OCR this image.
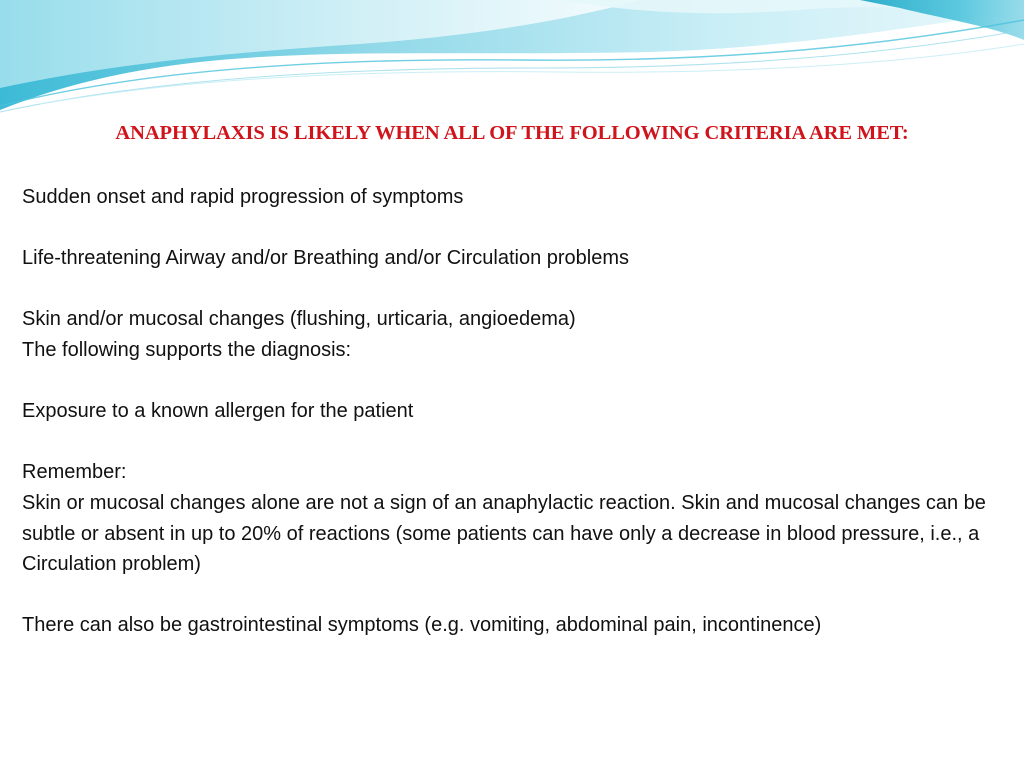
ANAPHYLAXIS IS LIKELY WHEN ALL OF THE FOLLOWING CRITERIA ARE MET:
Sudden onset and rapid progression of symptoms
Life-threatening Airway and/or Breathing and/or Circulation problems
Skin and/or mucosal changes (flushing, urticaria, angioedema)
The following supports the diagnosis:
Exposure to a known allergen for the patient
Remember:
Skin or mucosal changes alone are not a sign of an anaphylactic reaction. Skin and mucosal changes can be subtle or absent in up to 20% of reactions (some patients can have only a decrease in blood pressure, i.e., a Circulation problem)
There can also be gastrointestinal symptoms (e.g. vomiting, abdominal pain, incontinence)
